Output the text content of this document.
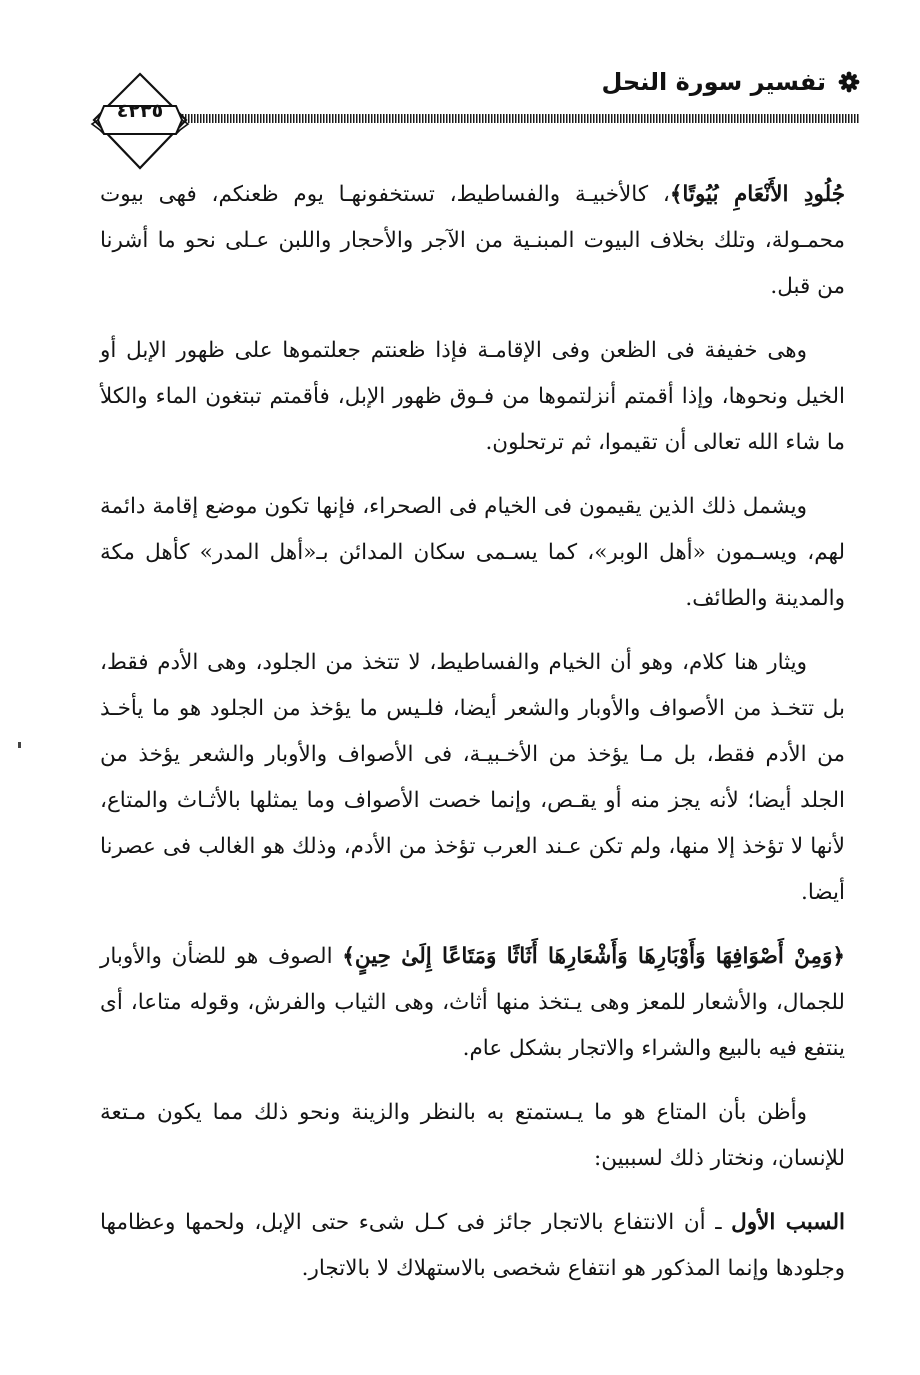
تفسير سورة النحل
٤٢٣٥

جُلُودِ الأَنْعَامِ بُيُوتًا﴾، كالأخبيـة والفساطيط، تستخفونهـا يوم ظعنكم، فهى بيوت محمـولة، وتلك بخلاف البيوت المبنـية من الآجر والأحجار واللبن عـلى نحو ما أشرنا من قبل.

وهى خفيفة فى الظعن وفى الإقامـة فإذا ظعنتم جعلتموها على ظهور الإبل أو الخيل ونحوها، وإذا أقمتم أنزلتموها من فـوق ظهور الإبل، فأقمتم تبتغون الماء والكلأ ما شاء الله تعالى أن تقيموا، ثم ترتحلون.

ويشمل ذلك الذين يقيمون فى الخيام فى الصحراء، فإنها تكون موضع إقامة دائمة لهم، ويسـمون «أهل الوبر»، كما يسـمى سكان المدائن بـ«أهل المدر» كأهل مكة والمدينة والطائف.

ويثار هنا كلام، وهو أن الخيام والفساطيط، لا تتخذ من الجلود، وهى الأدم فقط، بل تتخـذ من الأصواف والأوبار والشعر أيضا، فلـيس ما يؤخذ من الجلود هو ما يأخـذ من الأدم فقط، بل مـا يؤخذ من الأخـبيـة، فى الأصواف والأوبار والشعر يؤخذ من الجلد أيضا؛ لأنه يجز منه أو يقـص، وإنما خصت الأصواف وما يمثلها بالأثـاث والمتاع، لأنها لا تؤخذ إلا منها، ولم تكن عـند العرب تؤخذ من الأدم، وذلك هو الغالب فى عصرنا أيضا.

﴿وَمِنْ أَصْوَافِهَا وَأَوْبَارِهَا وَأَشْعَارِهَا أَثَاثًا وَمَتَاعًا إِلَىٰ حِينٍ﴾ الصوف هو للضأن والأوبار للجمال، والأشعار للمعز وهى يـتخذ منها أثاث، وهى الثياب والفرش، وقوله متاعا، أى ينتفع فيه بالبيع والشراء والاتجار بشكل عام.

وأظن بأن المتاع هو ما يـستمتع به بالنظر والزينة ونحو ذلك مما يكون مـتعة للإنسان، ونختار ذلك لسببين:

السبب الأول ـ أن الانتفاع بالاتجار جائز فى كـل شىء حتى الإبل، ولحمها وعظامها وجلودها وإنما المذكور هو انتفاع شخصى بالاستهلاك لا بالاتجار.
